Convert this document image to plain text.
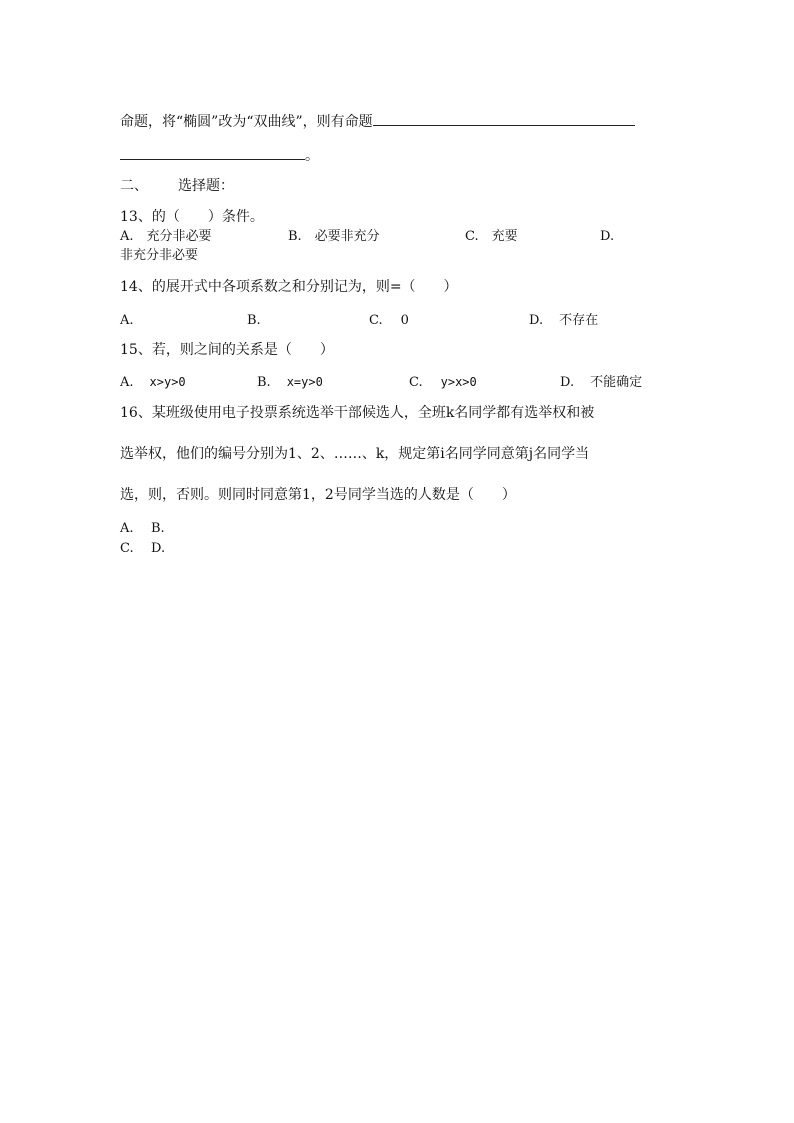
命题，将“椭圆”改为“双曲线”，则有命题
。
二、 选择题：
13、的（　　）条件。
A.　充分非必要	B.　必要非充分	C.　充要	D.
非充分非必要
14、的展开式中各项系数之和分别记为，则=（　　）
A.	B.	C. 0	D. 不存在
15、若，则之间的关系是（　　）
A. x>y>0	B. x=y>0	C. y>x>0	D. 不能确定
16、某班级使用电子投票系统选举干部候选人，全班k名同学都有选举权和被
选举权，他们的编号分别为1、2、……、k，规定第i名同学同意第j名同学当
选，则，否则。则同时同意第1，2号同学当选的人数是（　　）
A. B.
C. D.
